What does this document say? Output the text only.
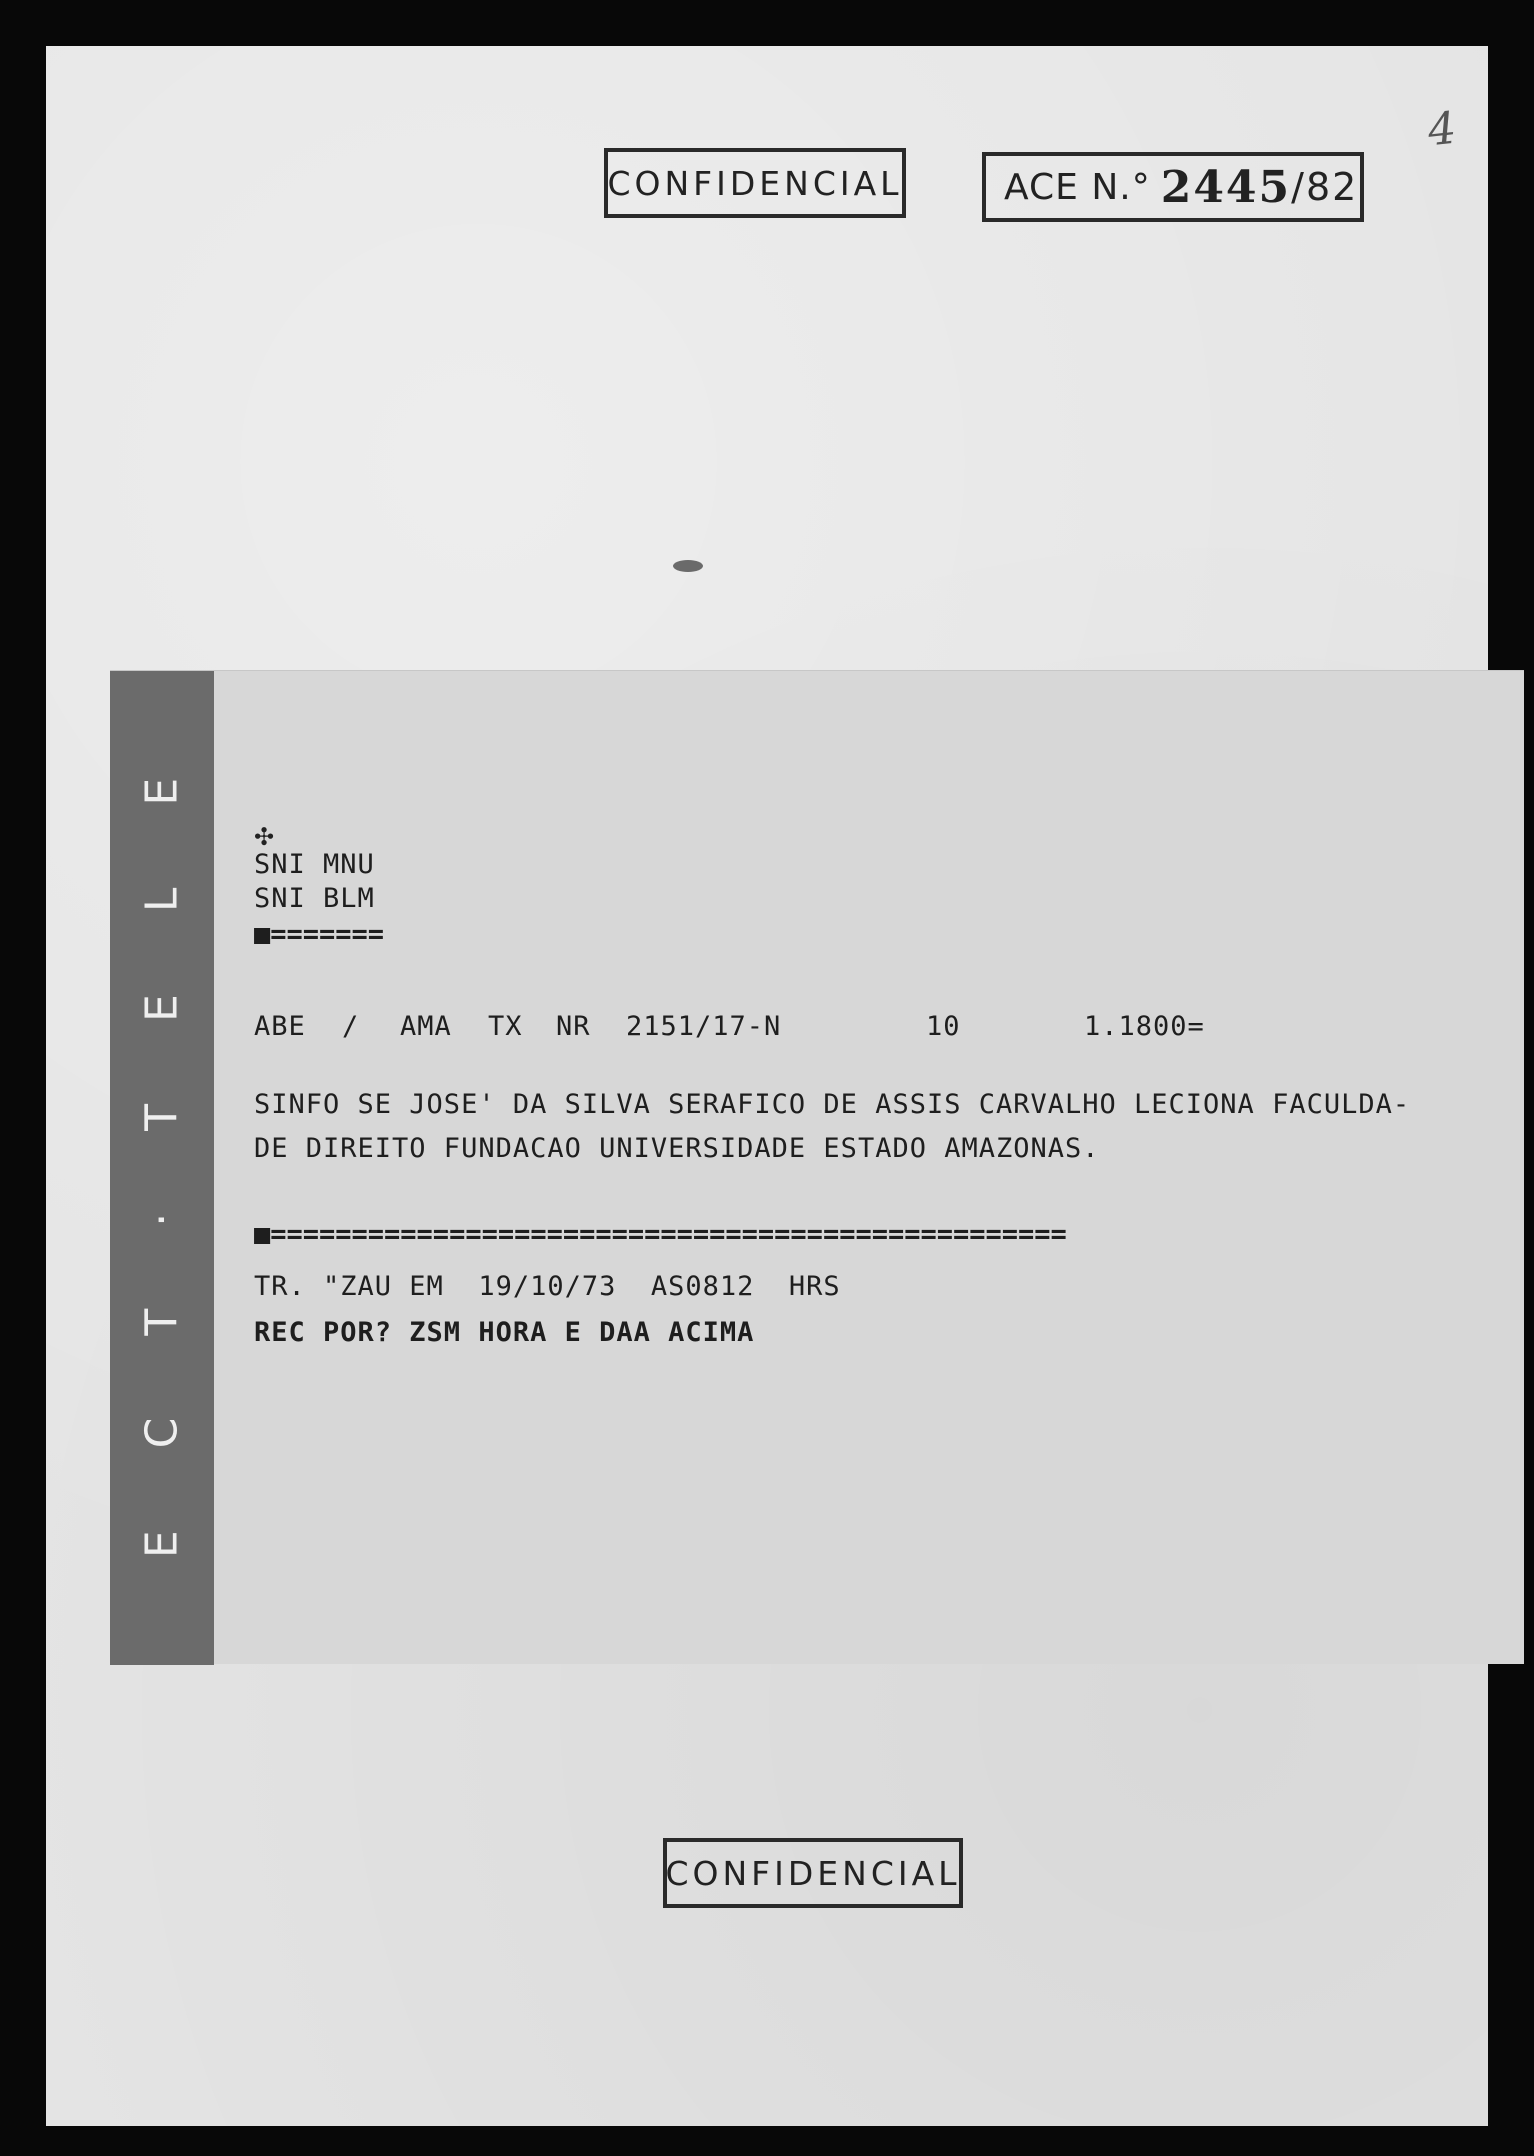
4
CONFIDENCIAL	ACE N.° 2445 /82
E C T · T E L E	✣
SNI MNU
SNI BLM
■=======
ABE / AMA TX NR 2151/17-N	10	1.1800=
SINFO SE JOSE' DA SILVA SERAFICO DE ASSIS CARVALHO LECIONA FACULDA-
DE DIREITO FUNDACAO UNIVERSIDADE ESTADO AMAZONAS.
■=================================================
TR. "ZAU EM  19/10/73  AS0812  HRS
REC POR? ZSM HORA E DAA ACIMA
CONFIDENCIAL
